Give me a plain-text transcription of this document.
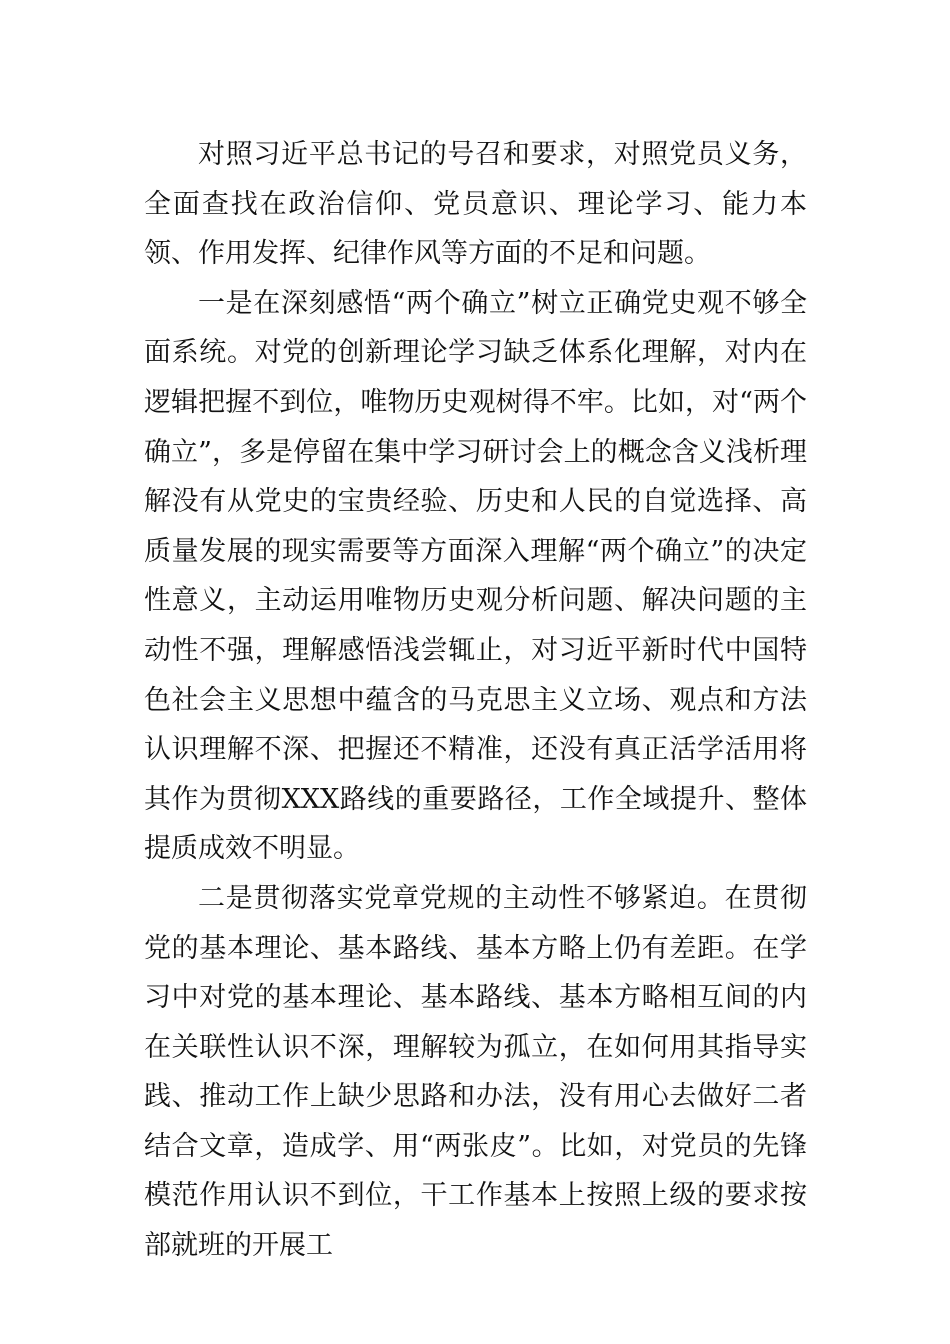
对照习近平总书记的号召和要求，对照党员义务，全面查找在政治信仰、党员意识、理论学习、能力本领、作用发挥、纪律作风等方面的不足和问题。

一是在深刻感悟“两个确立”树立正确党史观不够全面系统。对党的创新理论学习缺乏体系化理解，对内在逻辑把握不到位，唯物历史观树得不牢。比如，对“两个确立”，多是停留在集中学习研讨会上的概念含义浅析理解没有从党史的宝贵经验、历史和人民的自觉选择、高质量发展的现实需要等方面深入理解“两个确立”的决定性意义，主动运用唯物历史观分析问题、解决问题的主动性不强，理解感悟浅尝辄止，对习近平新时代中国特色社会主义思想中蕴含的马克思主义立场、观点和方法认识理解不深、把握还不精准，还没有真正活学活用将其作为贯彻XXX路线的重要路径，工作全域提升、整体提质成效不明显。

二是贯彻落实党章党规的主动性不够紧迫。在贯彻党的基本理论、基本路线、基本方略上仍有差距。在学习中对党的基本理论、基本路线、基本方略相互间的内在关联性认识不深，理解较为孤立，在如何用其指导实践、推动工作上缺少思路和办法，没有用心去做好二者结合文章，造成学、用“两张皮”。比如，对党员的先锋模范作用认识不到位，干工作基本上按照上级的要求按部就班的开展工
